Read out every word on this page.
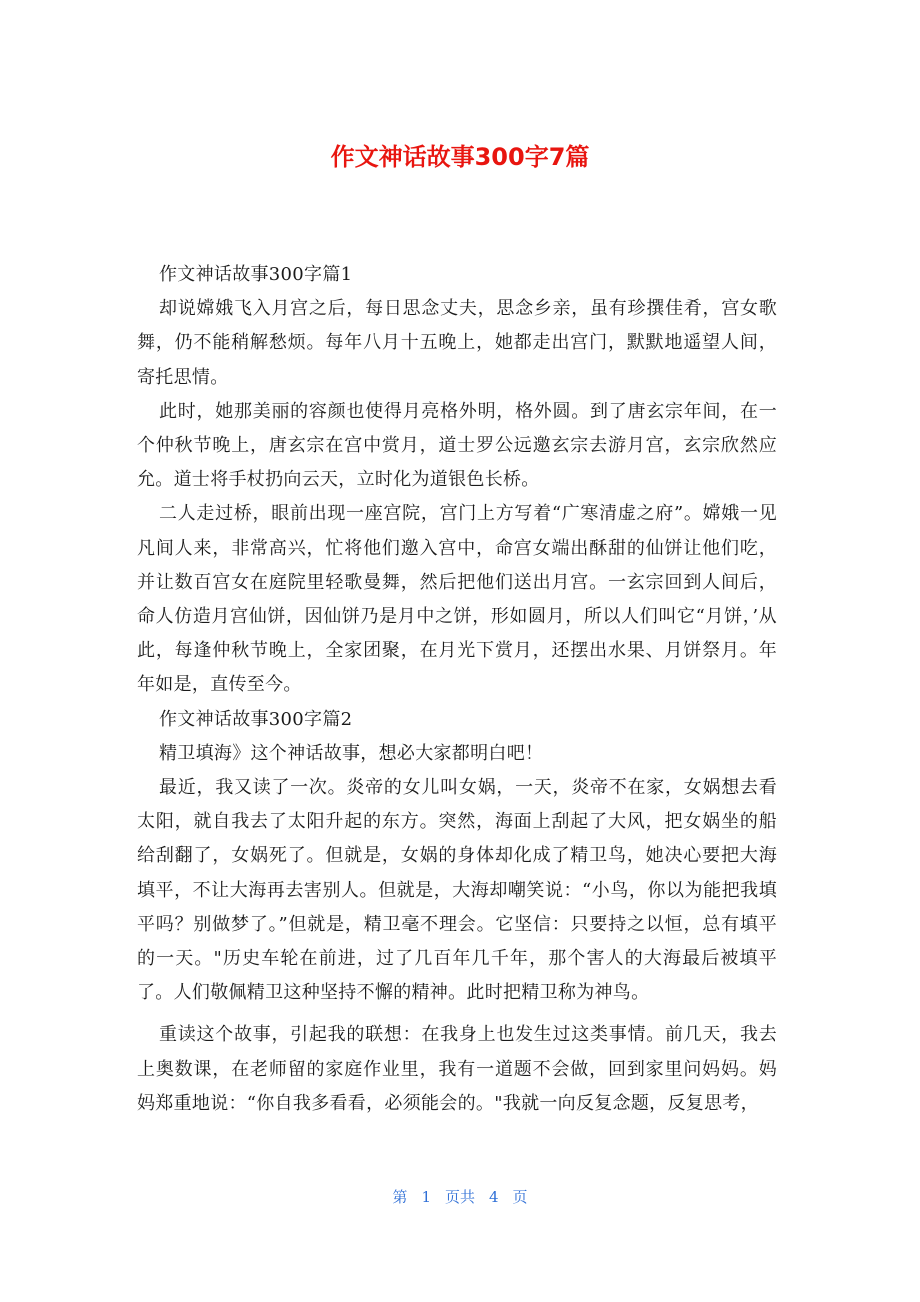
作文神话故事300字7篇

作文神话故事300字篇1

却说嫦娥飞入月宫之后，每日思念丈夫，思念乡亲，虽有珍撰佳肴，宫女歌舞，仍不能稍解愁烦。每年八月十五晚上，她都走出宫门，默默地遥望人间，寄托思情。

此时，她那美丽的容颜也使得月亮格外明，格外圆。到了唐玄宗年间，在一个仲秋节晚上，唐玄宗在宫中赏月，道士罗公远邀玄宗去游月宫，玄宗欣然应允。道士将手杖扔向云天，立时化为道银色长桥。

二人走过桥，眼前出现一座宫院，宫门上方写着“广寒清虚之府”。嫦娥一见凡间人来，非常高兴，忙将他们邀入宫中，命宫女端出酥甜的仙饼让他们吃，并让数百宫女在庭院里轻歌曼舞，然后把他们送出月宫。一玄宗回到人间后，命人仿造月宫仙饼，因仙饼乃是月中之饼，形如圆月，所以人们叫它“月饼，’从此，每逢仲秋节晚上，全家团聚，在月光下赏月，还摆出水果、月饼祭月。年年如是，直传至今。

作文神话故事300字篇2

精卫填海》这个神话故事，想必大家都明白吧！

最近，我又读了一次。炎帝的女儿叫女娲，一天，炎帝不在家，女娲想去看太阳，就自我去了太阳升起的东方。突然，海面上刮起了大风，把女娲坐的船给刮翻了，女娲死了。但就是，女娲的身体却化成了精卫鸟，她决心要把大海填平，不让大海再去害别人。但就是，大海却嘲笑说：“小鸟，你以为能把我填平吗？别做梦了。”但就是，精卫毫不理会。它坚信：只要持之以恒，总有填平的一天。"历史车轮在前进，过了几百年几千年，那个害人的大海最后被填平了。人们敬佩精卫这种坚持不懈的精神。此时把精卫称为神鸟。

重读这个故事，引起我的联想：在我身上也发生过这类事情。前几天，我去上奥数课，在老师留的家庭作业里，我有一道题不会做，回到家里问妈妈。妈妈郑重地说：“你自我多看看，必须能会的。"我就一向反复念题，反复思考，

第 1 页共 4 页
